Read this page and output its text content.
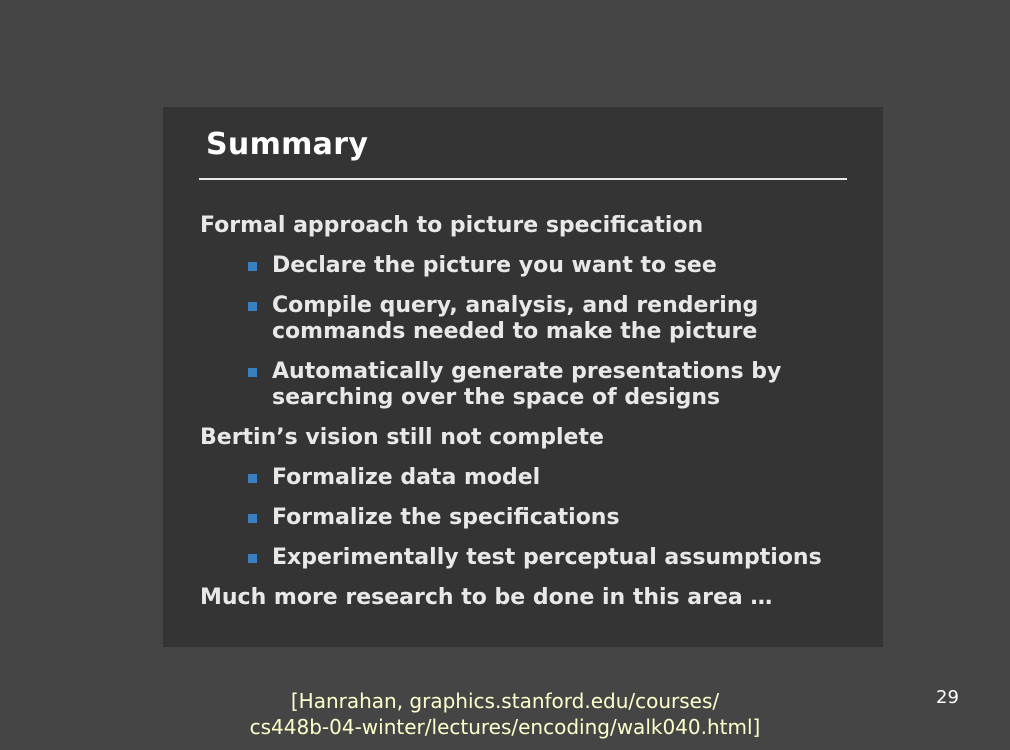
Summary
Formal approach to picture specification
Declare the picture you want to see
Compile query, analysis, and rendering
commands needed to make the picture
Automatically generate presentations by
searching over the space of designs
Bertin’s vision still not complete
Formalize data model
Formalize the specifications
Experimentally test perceptual assumptions
Much more research to be done in this area …
[Hanrahan, graphics.stanford.edu/courses/
cs448b-04-winter/lectures/encoding/walk040.html]
29
